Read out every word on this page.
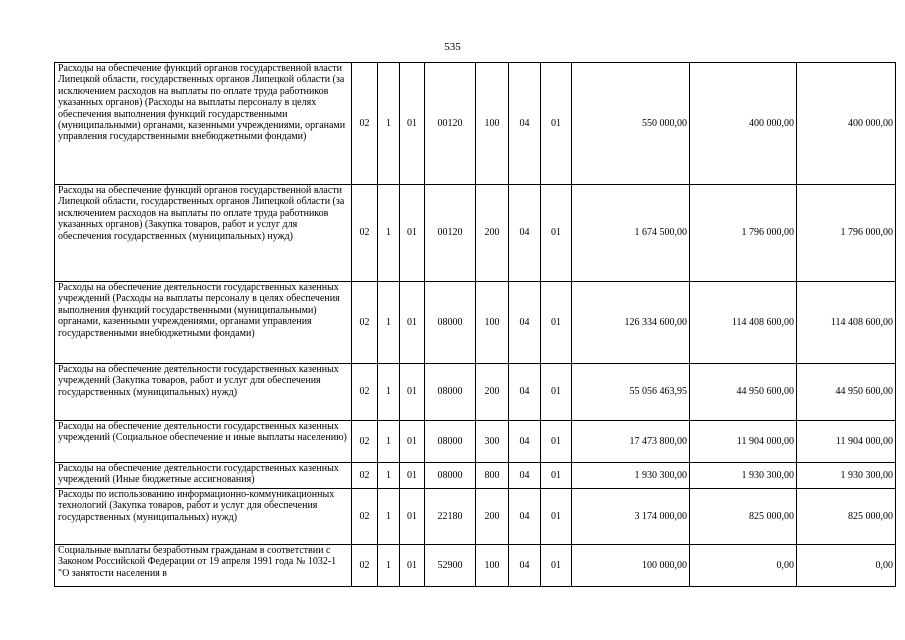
535
Расходы на обеспечение функций органов государственной власти Липецкой области, государственных органов Липецкой области (за исключением расходов на выплаты по оплате труда работников указанных органов) (Расходы на выплаты персоналу в целях обеспечения выполнения функций государственными (муниципальными) органами, казенными учреждениями, органами управления государственными внебюджетными фондами)	02	1	01	00120	100	04	01	550 000,00	400 000,00	400 000,00
Расходы на обеспечение функций органов государственной власти Липецкой области, государственных органов Липецкой области (за исключением расходов на выплаты по оплате труда работников указанных органов) (Закупка товаров, работ и услуг для обеспечения государственных (муниципальных) нужд)	02	1	01	00120	200	04	01	1 674 500,00	1 796 000,00	1 796 000,00
Расходы на обеспечение деятельности государственных казенных учреждений (Расходы на выплаты персоналу в целях обеспечения выполнения функций государственными (муниципальными) органами, казенными учреждениями, органами управления государственными внебюджетными фондами)	02	1	01	08000	100	04	01	126 334 600,00	114 408 600,00	114 408 600,00
Расходы на обеспечение деятельности государственных казенных учреждений (Закупка товаров, работ и услуг для обеспечения государственных (муниципальных) нужд)	02	1	01	08000	200	04	01	55 056 463,95	44 950 600,00	44 950 600,00
Расходы на обеспечение деятельности государственных казенных учреждений (Социальное обеспечение и иные выплаты населению)	02	1	01	08000	300	04	01	17 473 800,00	11 904 000,00	11 904 000,00
Расходы на обеспечение деятельности государственных казенных учреждений (Иные бюджетные ассигнования)	02	1	01	08000	800	04	01	1 930 300,00	1 930 300,00	1 930 300,00
Расходы по использованию информационно-коммуникационных технологий (Закупка товаров, работ и услуг для обеспечения государственных (муниципальных) нужд)	02	1	01	22180	200	04	01	3 174 000,00	825 000,00	825 000,00
Социальные выплаты безработным гражданам в соответствии с Законом Российской Федерации от 19 апреля 1991 года № 1032-1 "О занятости населения в	02	1	01	52900	100	04	01	100 000,00	0,00	0,00
